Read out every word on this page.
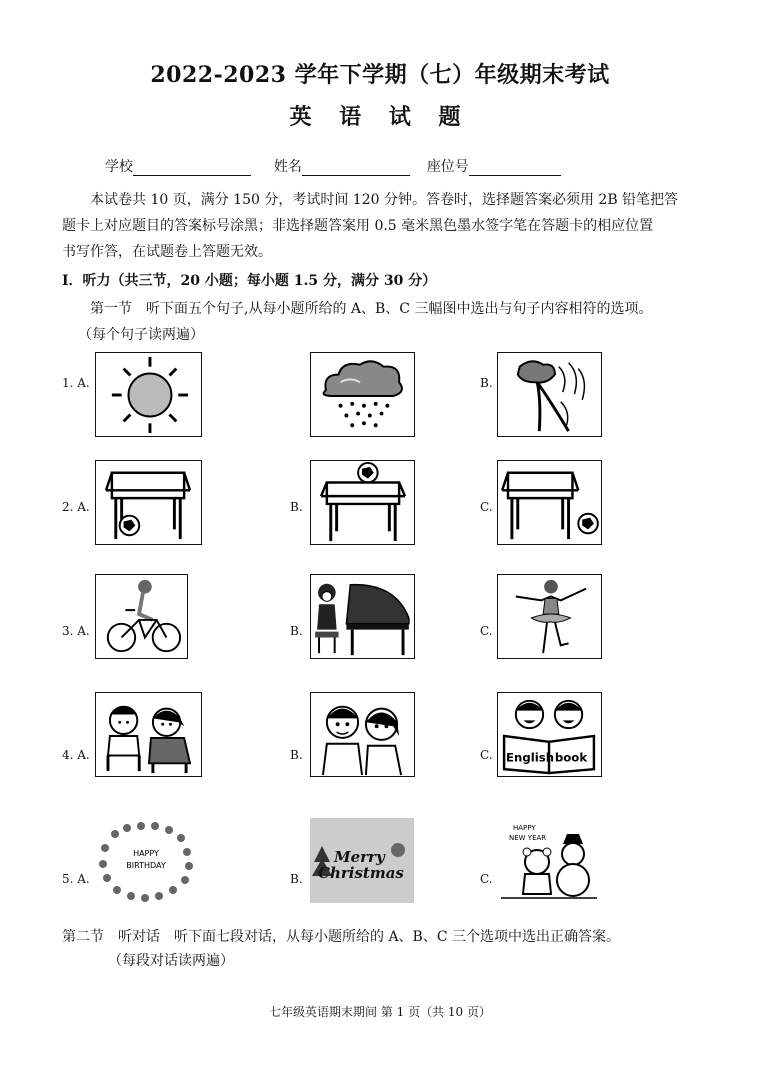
2022-2023 学年下学期（七）年级期末考试
英 语 试 题
学校	姓名	座位号
本试卷共 10 页，满分 150 分，考试时间 120 分钟。答卷时，选择题答案必须用 2B 铅笔把答
题卡上对应题目的答案标号涂黑；非选择题答案用 0.5 毫米黑色墨水签字笔在答题卡的相应位置
书写作答，在试题卷上答题无效。
Ⅰ．听力（共三节，20 小题；每小题 1.5 分，满分 30 分）
第一节　听下面五个句子,从每小题所给的 A、B、C 三幅图中选出与句子内容相符的选项。
（每个句子读两遍）
1. A.	B.
2. A.	B.	C.
3. A.	B.	C.
4. A.	B.	C. English book
5. A.
HAPPY
BIRTHDAY
B.
Merry
Christmas	C.
HAPPY
NEW YEAR
第二节　听对话　听下面七段对话，从每小题所给的 A、B、C 三个选项中选出正确答案。
（每段对话读两遍）
七年级英语期末期间 第 1 页（共 10 页）
